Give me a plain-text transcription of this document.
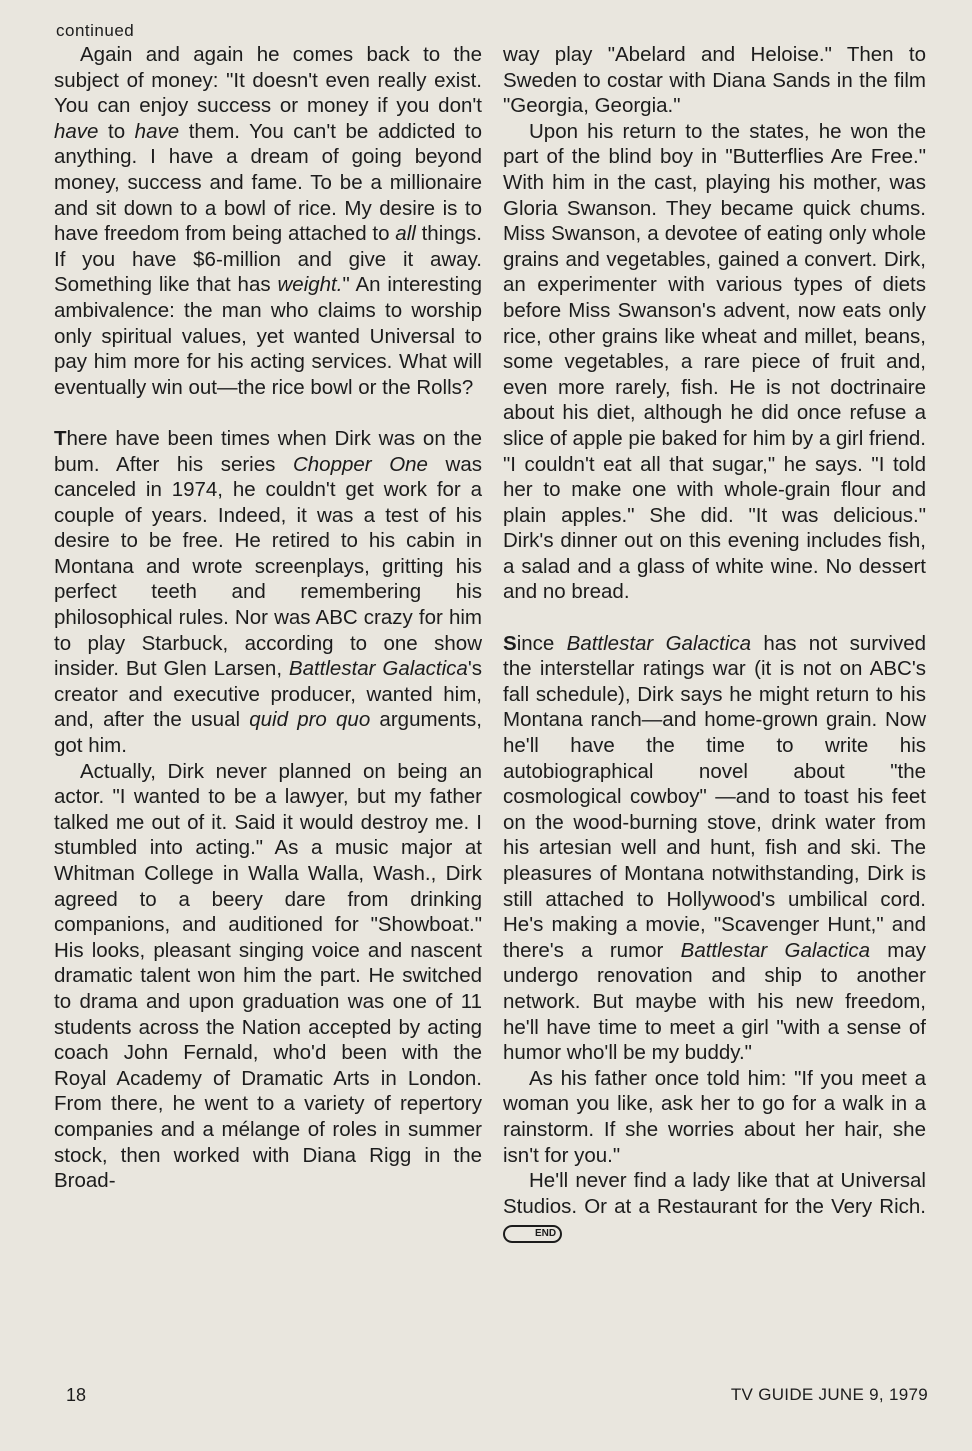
continued

Again and again he comes back to the subject of money: "It doesn't even really exist. You can enjoy success or money if you don't have to have them. You can't be addicted to anything. I have a dream of going beyond money, success and fame. To be a millionaire and sit down to a bowl of rice. My desire is to have freedom from being attached to all things. If you have $6-million and give it away. Something like that has weight." An interesting ambivalence: the man who claims to worship only spiritual values, yet wanted Universal to pay him more for his acting services. What will eventually win out—the rice bowl or the Rolls?

There have been times when Dirk was on the bum. After his series Chopper One was canceled in 1974, he couldn't get work for a couple of years. Indeed, it was a test of his desire to be free. He retired to his cabin in Montana and wrote screenplays, gritting his perfect teeth and remembering his philosophical rules. Nor was ABC crazy for him to play Starbuck, according to one show insider. But Glen Larsen, Battlestar Galactica's creator and executive producer, wanted him, and, after the usual quid pro quo arguments, got him.

Actually, Dirk never planned on being an actor. "I wanted to be a lawyer, but my father talked me out of it. Said it would destroy me. I stumbled into acting." As a music major at Whitman College in Walla Walla, Wash., Dirk agreed to a beery dare from drinking companions, and auditioned for "Showboat." His looks, pleasant singing voice and nascent dramatic talent won him the part. He switched to drama and upon graduation was one of 11 students across the Nation accepted by acting coach John Fernald, who'd been with the Royal Academy of Dramatic Arts in London. From there, he went to a variety of repertory companies and a mélange of roles in summer stock, then worked with Diana Rigg in the Broad-

way play "Abelard and Heloise." Then to Sweden to costar with Diana Sands in the film "Georgia, Georgia."

Upon his return to the states, he won the part of the blind boy in "Butterflies Are Free." With him in the cast, playing his mother, was Gloria Swanson. They became quick chums. Miss Swanson, a devotee of eating only whole grains and vegetables, gained a convert. Dirk, an experimenter with various types of diets before Miss Swanson's advent, now eats only rice, other grains like wheat and millet, beans, some vegetables, a rare piece of fruit and, even more rarely, fish. He is not doctrinaire about his diet, although he did once refuse a slice of apple pie baked for him by a girl friend. "I couldn't eat all that sugar," he says. "I told her to make one with whole-grain flour and plain apples." She did. "It was delicious." Dirk's dinner out on this evening includes fish, a salad and a glass of white wine. No dessert and no bread.

Since Battlestar Galactica has not survived the interstellar ratings war (it is not on ABC's fall schedule), Dirk says he might return to his Montana ranch—and home-grown grain. Now he'll have the time to write his autobiographical novel about "the cosmological cowboy" —and to toast his feet on the wood-burning stove, drink water from his artesian well and hunt, fish and ski. The pleasures of Montana notwithstanding, Dirk is still attached to Hollywood's umbilical cord. He's making a movie, "Scavenger Hunt," and there's a rumor Battlestar Galactica may undergo renovation and ship to another network. But maybe with his new freedom, he'll have time to meet a girl "with a sense of humor who'll be my buddy."

As his father once told him: "If you meet a woman you like, ask her to go for a walk in a rainstorm. If she worries about her hair, she isn't for you."

He'll never find a lady like that at Universal Studios. Or at a Restaurant for the Very Rich. END

18	TV GUIDE JUNE 9, 1979
